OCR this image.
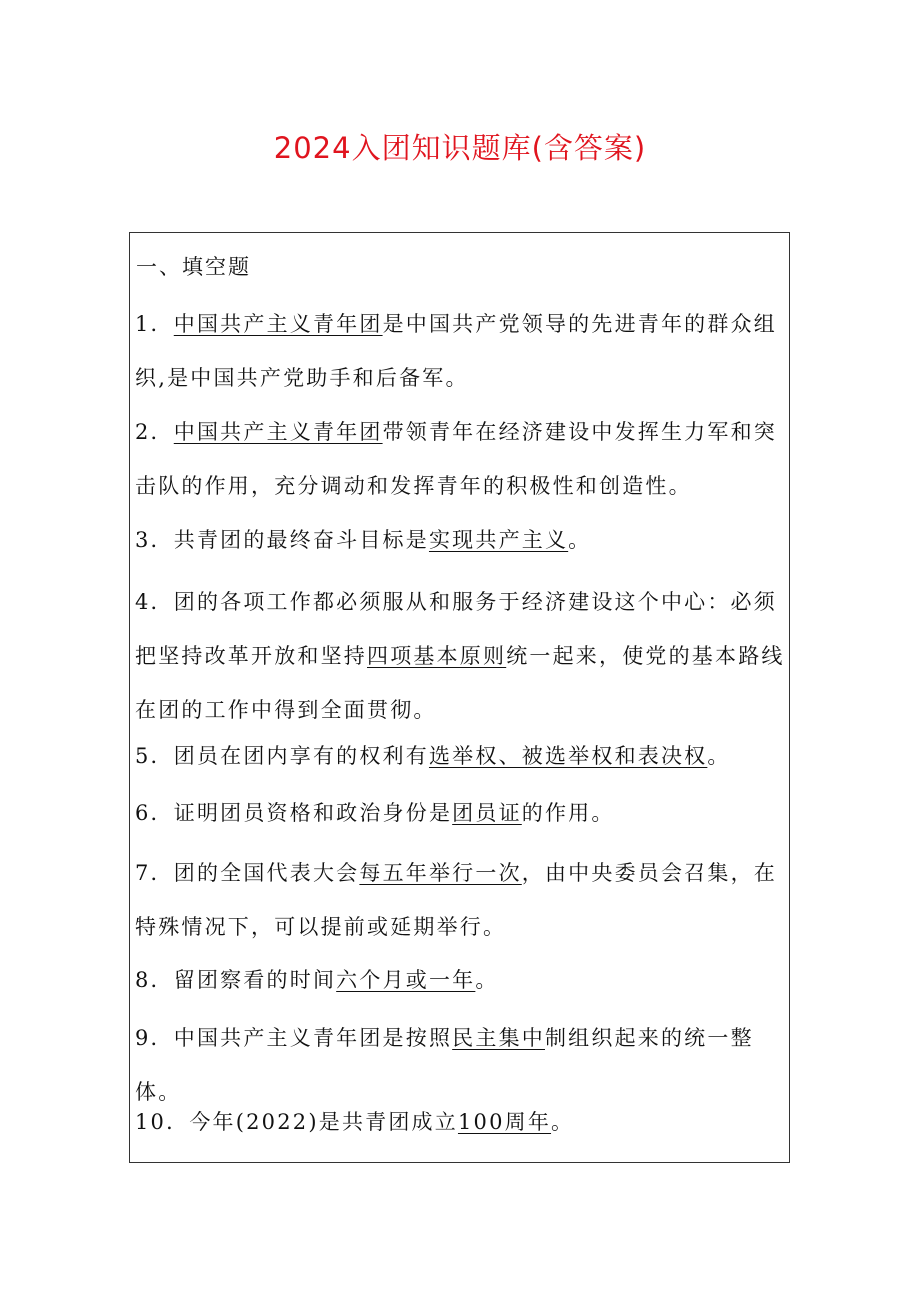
2024入团知识题库(含答案)
一、填空题
1．中国共产主义青年团是中国共产党领导的先进青年的群众组织,是中国共产党助手和后备军。
2．中国共产主义青年团带领青年在经济建设中发挥生力军和突击队的作用，充分调动和发挥青年的积极性和创造性。
3．共青团的最终奋斗目标是实现共产主义。
4．团的各项工作都必须服从和服务于经济建设这个中心：必须把坚持改革开放和坚持四项基本原则统一起来，使党的基本路线在团的工作中得到全面贯彻。
5．团员在团内享有的权利有选举权、被选举权和表决权。
6．证明团员资格和政治身份是团员证的作用。
7．团的全国代表大会每五年举行一次，由中央委员会召集，在特殊情况下，可以提前或延期举行。
8．留团察看的时间六个月或一年。
9．中国共产主义青年团是按照民主集中制组织起来的统一整体。
10．今年(2022)是共青团成立100周年。
